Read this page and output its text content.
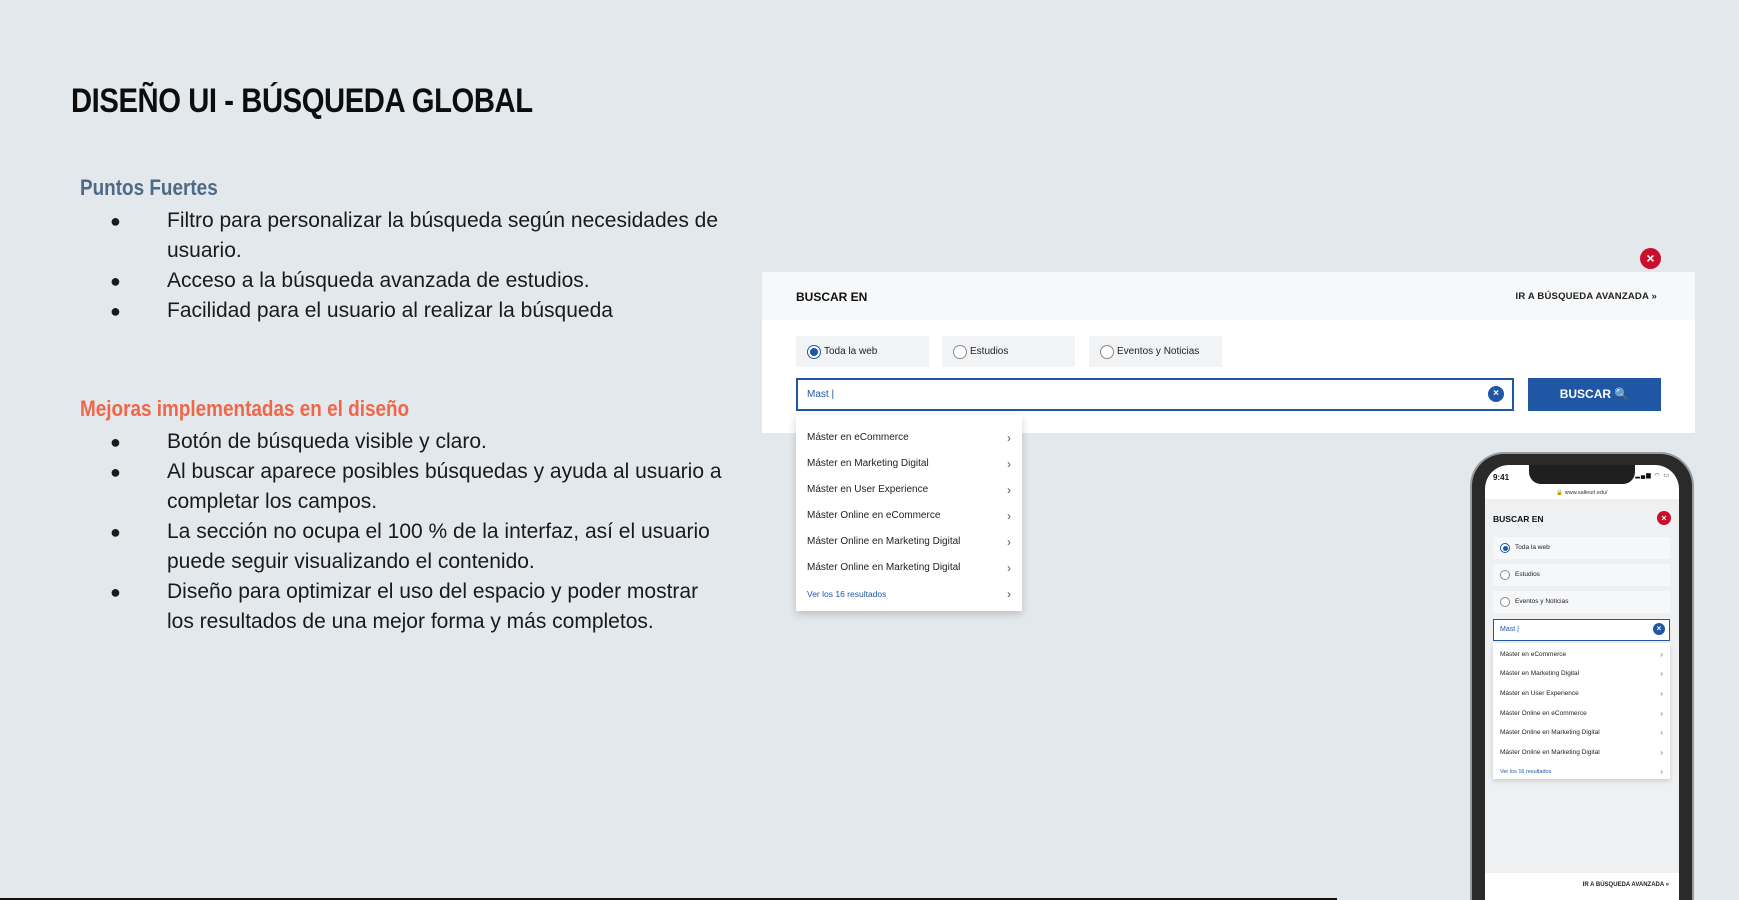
DISEÑO UI - BÚSQUEDA GLOBAL
Puntos Fuertes
● Filtro para personalizar la búsqueda según necesidades de usuario.
● Acceso a la búsqueda avanzada de estudios.
● Facilidad para el usuario al realizar la búsqueda
Mejoras implementadas en el diseño
● Botón de búsqueda visible y claro.
● Al buscar aparece posibles búsquedas y ayuda al usuario a completar los campos.
● La sección no ocupa el 100 % de la interfaz, así el usuario puede seguir visualizando el contenido.
● Diseño para optimizar el uso del espacio y poder mostrar los resultados de una mejor forma y más completos.
×
BUSCAR EN	IR A BÚSQUEDA AVANZADA »
Toda la web	Estudios	Eventos y Noticias
Mast |	×	BUSCAR 🔍
Máster en eCommerce	›
Máster en Marketing Digital	›
Máster en User Experience	›
Máster Online en eCommerce	›
Máster Online en Marketing Digital	›
Máster Online en Marketing Digital	›
Ver los 16 resultados	›
9:41	▂▄▆ ◠ ▭
🔒 www.salleurl.edu/
BUSCAR EN	×
Toda la web
Estudios
Eventos y Noticias
Mast |	×
Máster en eCommerce	›
Máster en Marketing Digital	›
Máster en User Experience	›
Máster Online en eCommerce	›
Máster Online en Marketing Digital	›
Máster Online en Marketing Digital	›
Ver los 16 resultados	›
IR A BÚSQUEDA AVANZADA »
